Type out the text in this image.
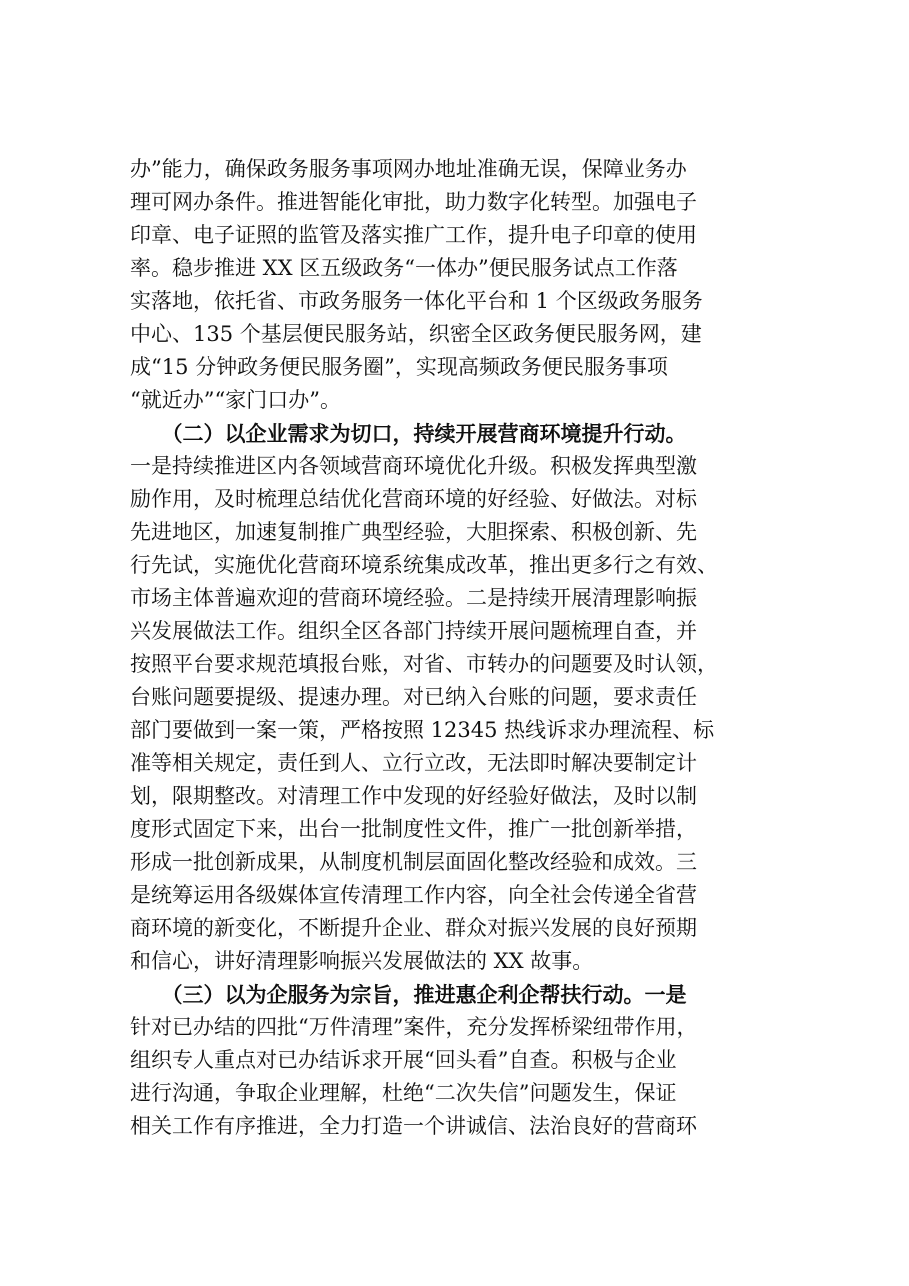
办”能力，确保政务服务事项网办地址准确无误，保障业务办
理可网办条件。推进智能化审批，助力数字化转型。加强电子
印章、电子证照的监管及落实推广工作，提升电子印章的使用
率。稳步推进 XX 区五级政务“一体办”便民服务试点工作落
实落地，依托省、市政务服务一体化平台和 1 个区级政务服务
中心、135 个基层便民服务站，织密全区政务便民服务网，建
成“15 分钟政务便民服务圈”，实现高频政务便民服务事项
“就近办”“家门口办”。
　　（二）以企业需求为切口，持续开展营商环境提升行动。
一是持续推进区内各领域营商环境优化升级。积极发挥典型激
励作用，及时梳理总结优化营商环境的好经验、好做法。对标
先进地区，加速复制推广典型经验，大胆探索、积极创新、先
行先试，实施优化营商环境系统集成改革，推出更多行之有效、
市场主体普遍欢迎的营商环境经验。二是持续开展清理影响振
兴发展做法工作。组织全区各部门持续开展问题梳理自查，并
按照平台要求规范填报台账，对省、市转办的问题要及时认领，
台账问题要提级、提速办理。对已纳入台账的问题，要求责任
部门要做到一案一策，严格按照 12345 热线诉求办理流程、标
准等相关规定，责任到人、立行立改，无法即时解决要制定计
划，限期整改。对清理工作中发现的好经验好做法，及时以制
度形式固定下来，出台一批制度性文件，推广一批创新举措，
形成一批创新成果，从制度机制层面固化整改经验和成效。三
是统筹运用各级媒体宣传清理工作内容，向全社会传递全省营
商环境的新变化，不断提升企业、群众对振兴发展的良好预期
和信心，讲好清理影响振兴发展做法的 XX 故事。
　　（三）以为企服务为宗旨，推进惠企利企帮扶行动。一是
针对已办结的四批“万件清理”案件，充分发挥桥梁纽带作用，
组织专人重点对已办结诉求开展“回头看”自查。积极与企业
进行沟通，争取企业理解，杜绝“二次失信”问题发生，保证
相关工作有序推进，全力打造一个讲诚信、法治良好的营商环
